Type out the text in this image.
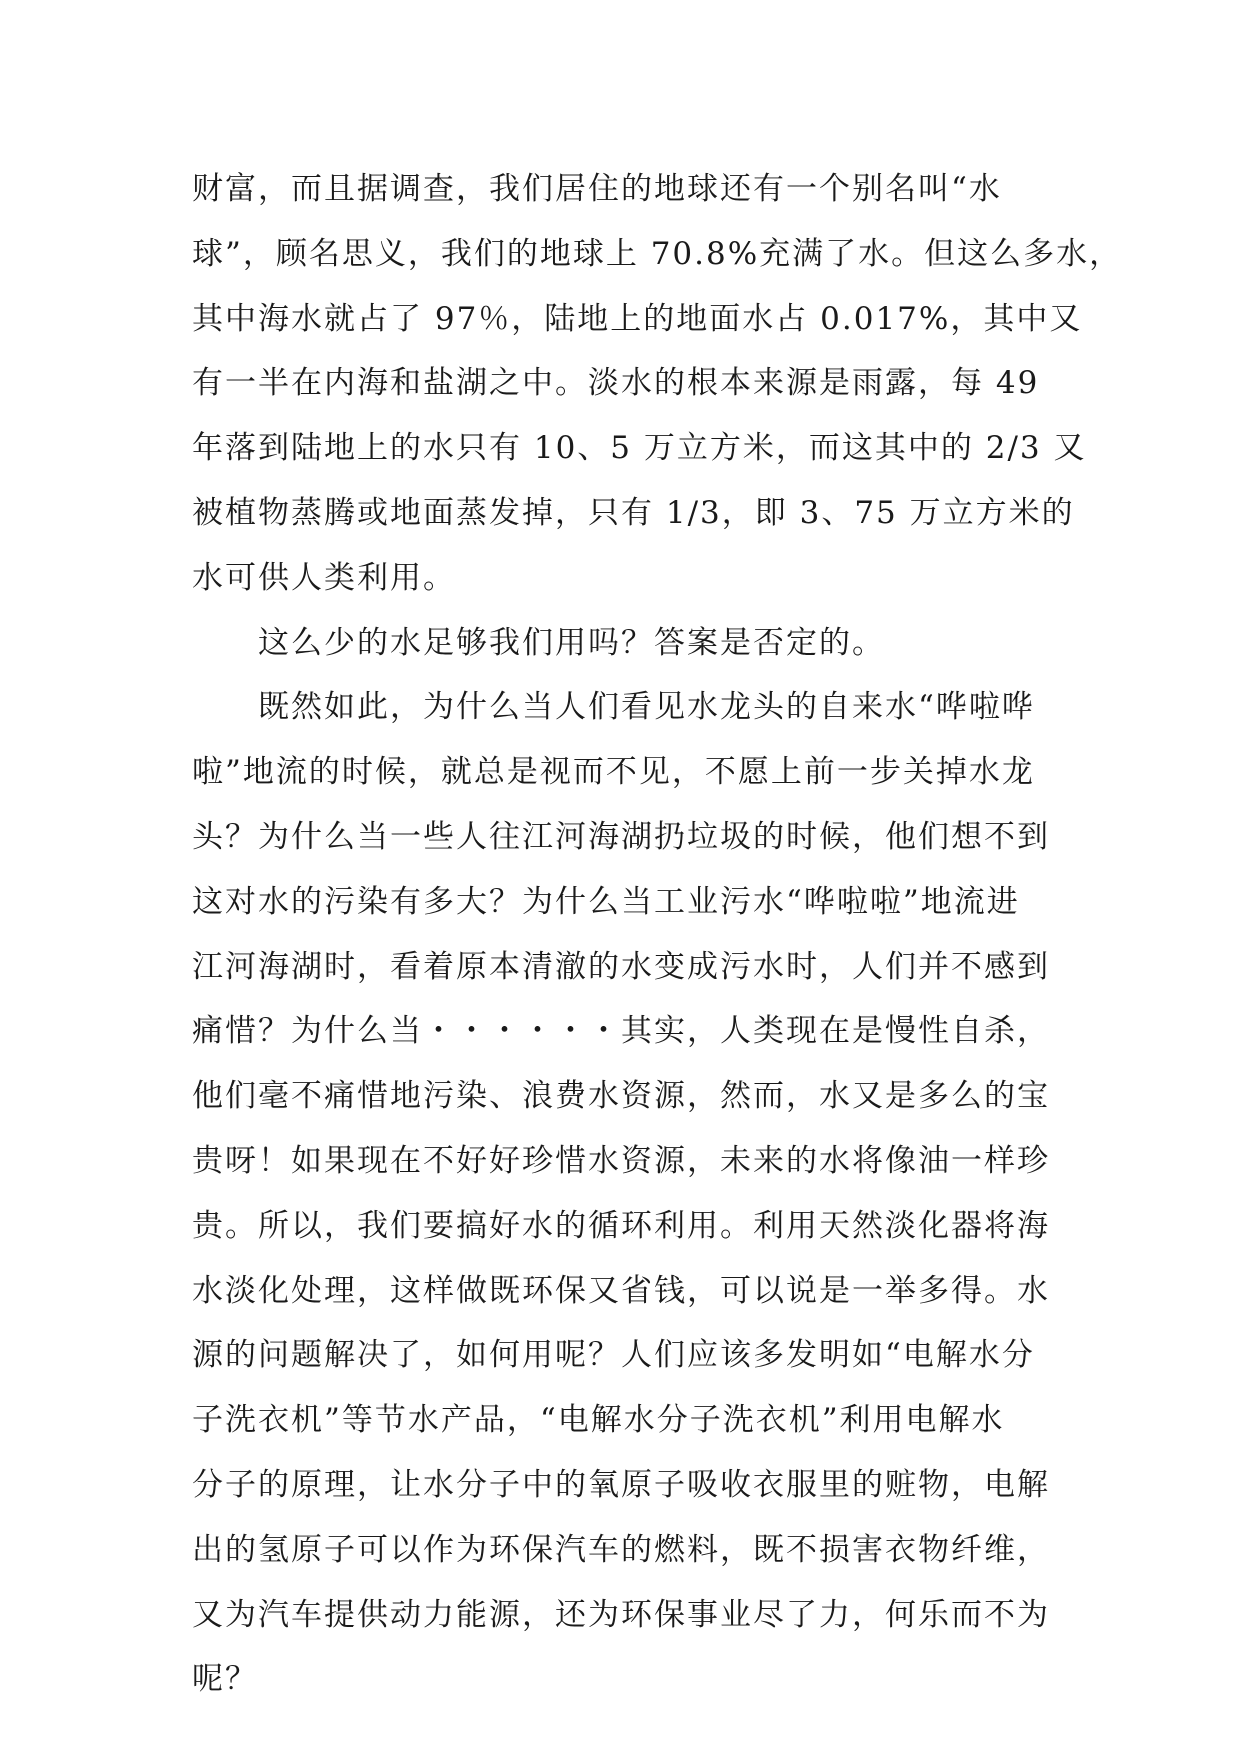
财富，而且据调查，我们居住的地球还有一个别名叫“水
球”，顾名思义，我们的地球上 70.8%充满了水。但这么多水，
其中海水就占了 97％，陆地上的地面水占 0.017%，其中又
有一半在内海和盐湖之中。淡水的根本来源是雨露，每 49
年落到陆地上的水只有 10、5 万立方米，而这其中的 2/3 又
被植物蒸腾或地面蒸发掉，只有 1/3，即 3、75 万立方米的
水可供人类利用。
这么少的水足够我们用吗？答案是否定的。
既然如此，为什么当人们看见水龙头的自来水“哗啦哗
啦”地流的时候，就总是视而不见，不愿上前一步关掉水龙
头？为什么当一些人往江河海湖扔垃圾的时候，他们想不到
这对水的污染有多大？为什么当工业污水“哗啦啦”地流进
江河海湖时，看着原本清澈的水变成污水时，人们并不感到
痛惜？为什么当・・・・・・其实，人类现在是慢性自杀，
他们毫不痛惜地污染、浪费水资源，然而，水又是多么的宝
贵呀！如果现在不好好珍惜水资源，未来的水将像油一样珍
贵。所以，我们要搞好水的循环利用。利用天然淡化器将海
水淡化处理，这样做既环保又省钱，可以说是一举多得。水
源的问题解决了，如何用呢？人们应该多发明如“电解水分
子洗衣机”等节水产品，“电解水分子洗衣机”利用电解水
分子的原理，让水分子中的氧原子吸收衣服里的赃物，电解
出的氢原子可以作为环保汽车的燃料，既不损害衣物纤维，
又为汽车提供动力能源，还为环保事业尽了力，何乐而不为
呢？
